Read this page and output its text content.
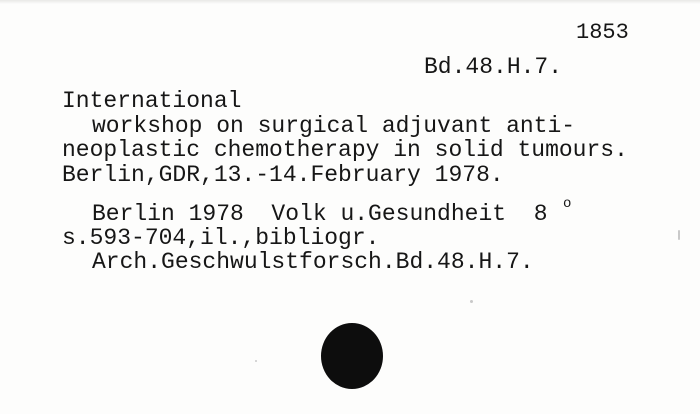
1853
Bd.48.H.7.
International
workshop on surgical adjuvant anti-
neoplastic chemotherapy in solid tumours.
Berlin,GDR,13.-14.February 1978.
Berlin 1978  Volk u.Gesundheit 8 o
s.593-704,il.,bibliogr.
Arch.Geschwulstforsch.Bd.48.H.7.
